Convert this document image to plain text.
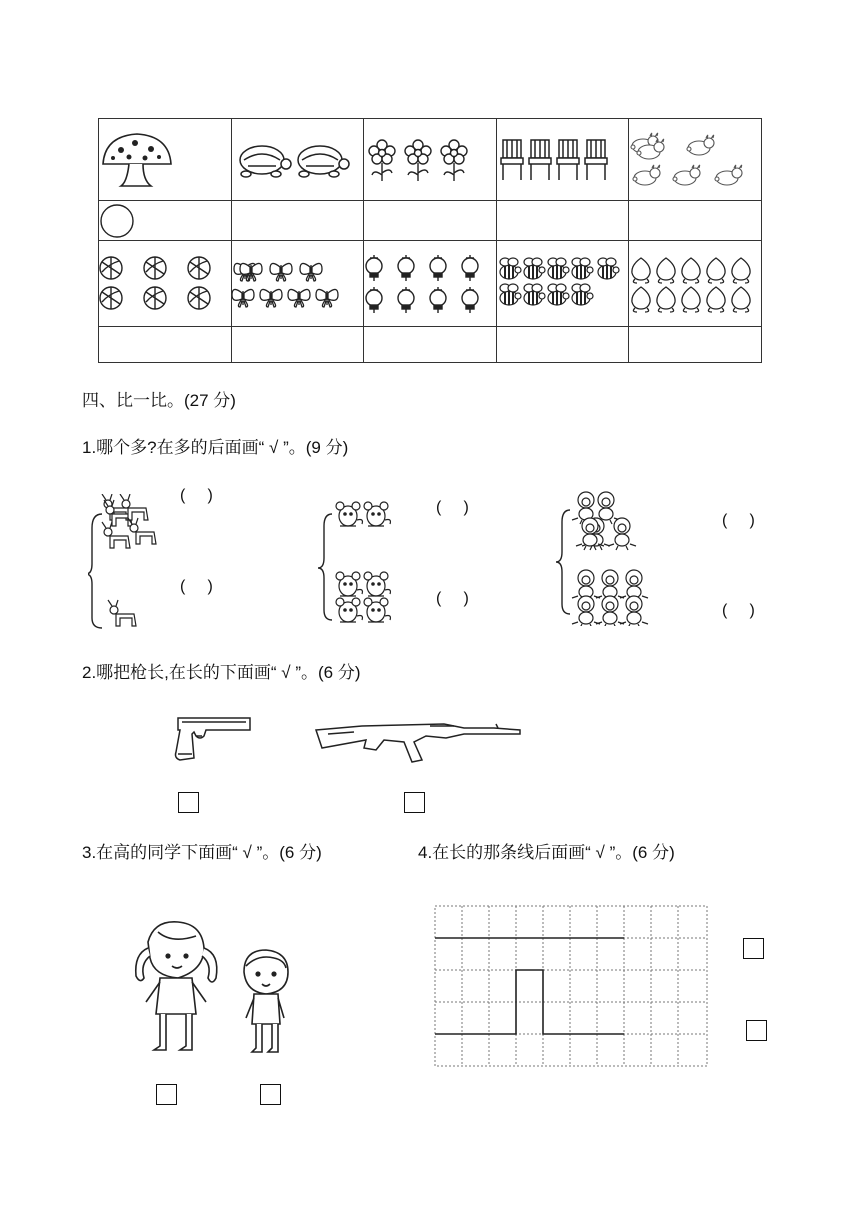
四、比一比。(27 分)
1.哪个多?在多的后面画“ √ ”。(9 分)
(     )
(     )
(     )
(     )
(     )
(     )
2.哪把枪长,在长的下面画“ √ ”。(6 分)
3.在高的同学下面画“ √ ”。(6 分)	4.在长的那条线后面画“ √ ”。(6 分)
